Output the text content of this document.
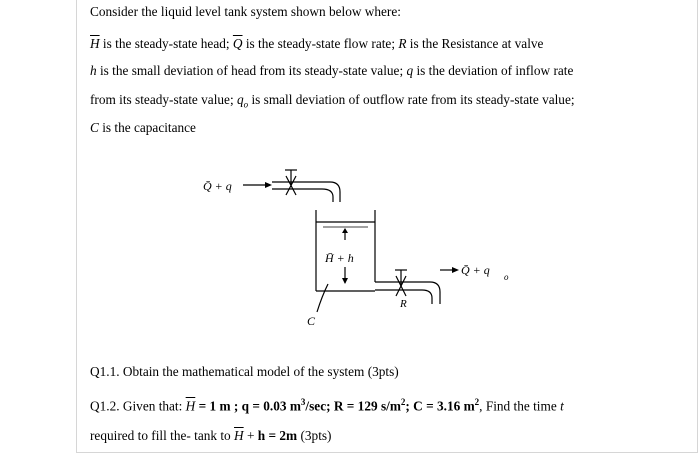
Consider the liquid level tank system shown below where:
$\overline{H}$ is the steady-state head; $\overline{Q}$ is the steady-state flow rate; R is the Resistance at valve
h is the small deviation of head from its steady-state value; q is the deviation of inflow rate
from its steady-state value; $q_o$ is small deviation of outflow rate from its steady-state value;
C is the capacitance
Q̄ + q
H̄ + h
Q̄ + q o
R
C
Q1.1. Obtain the mathematical model of the system (3pts)
Q1.2. Given that: $\overline{H} = 1$ m ; q = 0.03 $m^3/\sec$; R = 129 $s/m^2$; C = 3.16 $m^2$, Find the time t
required to fill the- tank to $\overline{H} + h = 2m$ (3pts)
